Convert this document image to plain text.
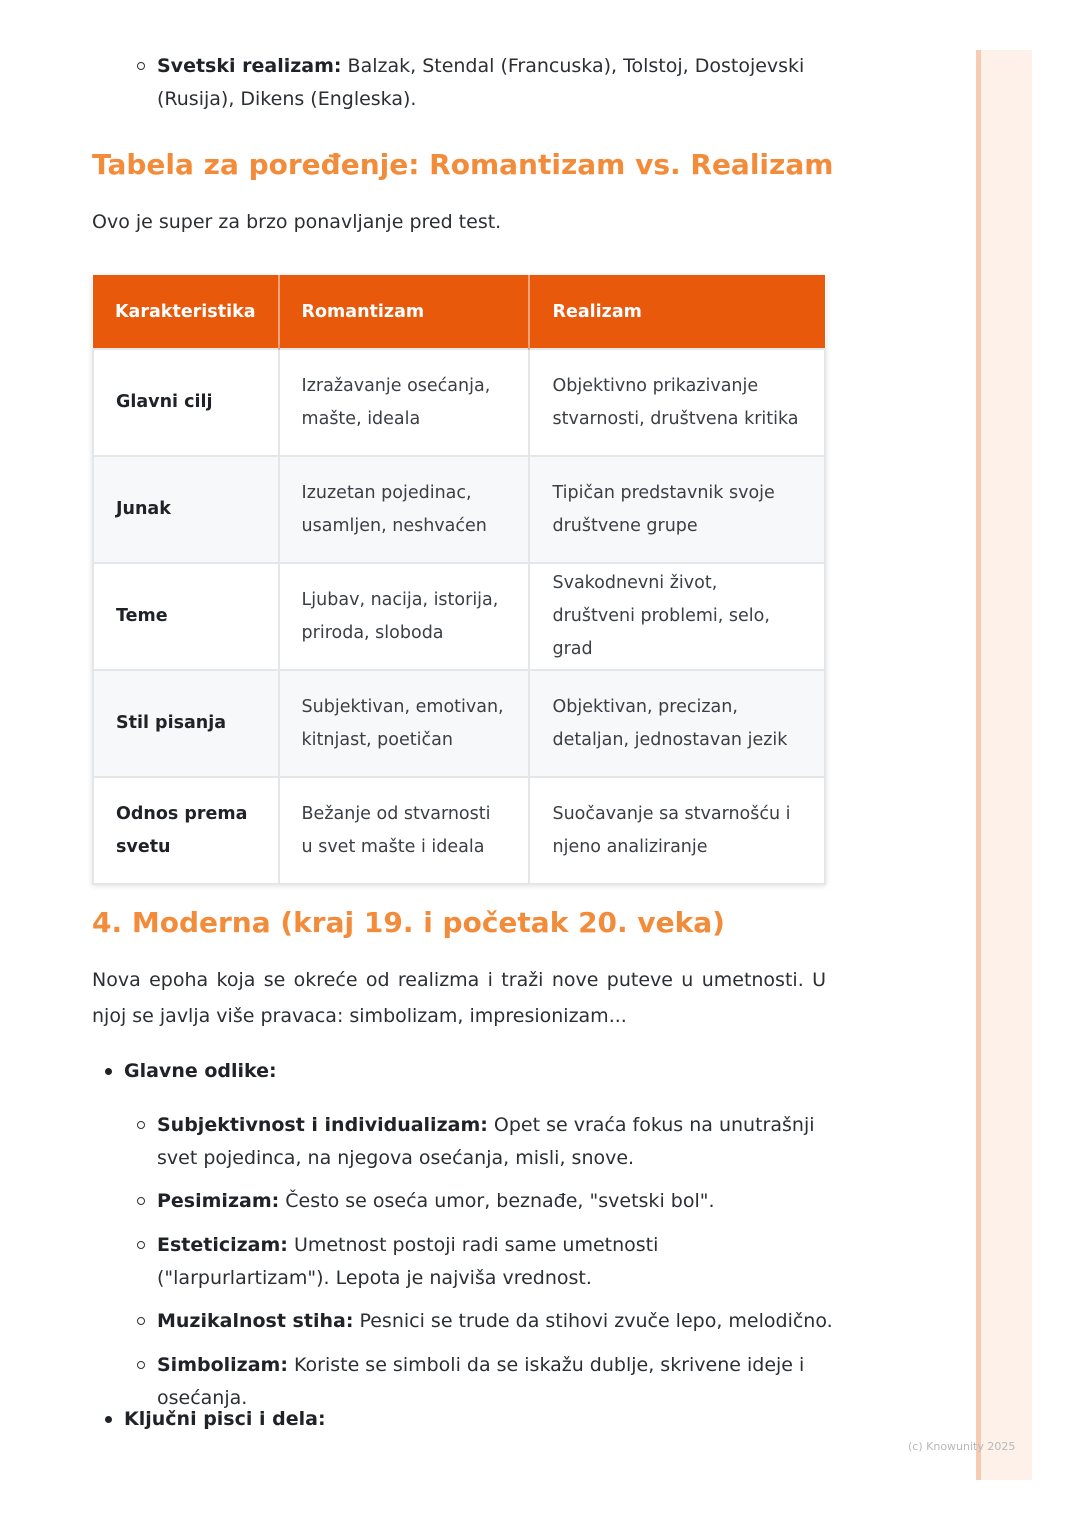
Svetski realizam: Balzak, Stendal (Francuska), Tolstoj, Dostojevski (Rusija), Dikens (Engleska).
Tabela za poređenje: Romantizam vs. Realizam

Ovo je super za brzo ponavljanje pred test.

Karakteristika	Romantizam	Realizam
Glavni cilj	Izražavanje osećanja, mašte, ideala	Objektivno prikazivanje stvarnosti, društvena kritika
Junak	Izuzetan pojedinac, usamljen, neshvaćen	Tipičan predstavnik svoje društvene grupe
Teme	Ljubav, nacija, istorija, priroda, sloboda	Svakodnevni život, društveni problemi, selo, grad
Stil pisanja	Subjektivan, emotivan, kitnjast, poetičan	Objektivan, precizan, detaljan, jednostavan jezik
Odnos prema svetu	Bežanje od stvarnosti u svet mašte i ideala	Suočavanje sa stvarnošću i njeno analiziranje
4. Moderna (kraj 19. i početak 20. veka)

Nova epoha koja se okreće od realizma i traži nove puteve u umetnosti. U njoj se javlja više pravaca: simbolizam, impresionizam...

Glavne odlike:
Subjektivnost i individualizam: Opet se vraća fokus na unutrašnji svet pojedinca, na njegova osećanja, misli, snove.
Pesimizam: Često se oseća umor, beznađe, "svetski bol".
Esteticizam: Umetnost postoji radi same umetnosti ("larpurlartizam"). Lepota je najviša vrednost.
Muzikalnost stiha: Pesnici se trude da stihovi zvuče lepo, melodično.
Simbolizam: Koriste se simboli da se iskažu dublje, skrivene ideje i osećanja.
Ključni pisci i dela:
(c) Knowunity 2025
